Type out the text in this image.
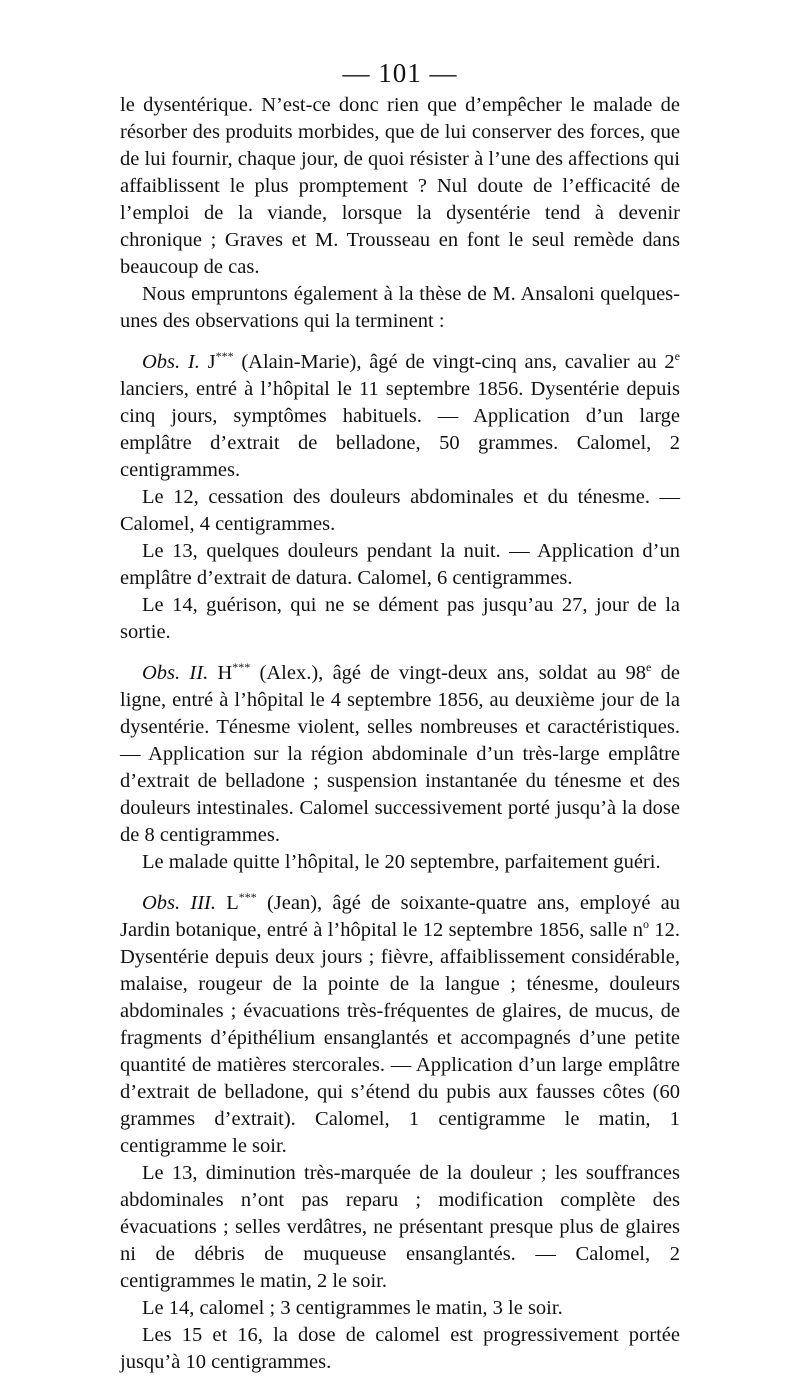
— 101 —

le dysentérique. N’est-ce donc rien que d’empêcher le malade de résorber des produits morbides, que de lui conserver des forces, que de lui fournir, chaque jour, de quoi résister à l’une des affections qui affaiblissent le plus promptement ? Nul doute de l’efficacité de l’emploi de la viande, lorsque la dysentérie tend à devenir chronique ; Graves et M. Trousseau en font le seul remède dans beaucoup de cas.

Nous empruntons également à la thèse de M. Ansaloni quelques-unes des observations qui la terminent :

Obs. I. J*** (Alain-Marie), âgé de vingt-cinq ans, cavalier au 2e lanciers, entré à l’hôpital le 11 septembre 1856. Dysentérie depuis cinq jours, symptômes habituels. — Application d’un large emplâtre d’extrait de belladone, 50 grammes. Calomel, 2 centigrammes.

Le 12, cessation des douleurs abdominales et du ténesme. — Calomel, 4 centigrammes.

Le 13, quelques douleurs pendant la nuit. — Application d’un emplâtre d’extrait de datura. Calomel, 6 centigrammes.

Le 14, guérison, qui ne se dément pas jusqu’au 27, jour de la sortie.

Obs. II. H*** (Alex.), âgé de vingt-deux ans, soldat au 98e de ligne, entré à l’hôpital le 4 septembre 1856, au deuxième jour de la dysentérie. Ténesme violent, selles nombreuses et caractéristiques. — Application sur la région abdominale d’un très-large emplâtre d’extrait de belladone ; suspension instantanée du ténesme et des douleurs intestinales. Calomel successivement porté jusqu’à la dose de 8 centigrammes.

Le malade quitte l’hôpital, le 20 septembre, parfaitement guéri.

Obs. III. L*** (Jean), âgé de soixante-quatre ans, employé au Jardin botanique, entré à l’hôpital le 12 septembre 1856, salle $n^o$ 12. Dysentérie depuis deux jours ; fièvre, affaiblissement considérable, malaise, rougeur de la pointe de la langue ; ténesme, douleurs abdominales ; évacuations très-fréquentes de glaires, de mucus, de fragments d’épithélium ensanglantés et accompagnés d’une petite quantité de matières stercorales. — Application d’un large emplâtre d’extrait de belladone, qui s’étend du pubis aux fausses côtes (60 grammes d’extrait). Calomel, 1 centigramme le matin, 1 centigramme le soir.

Le 13, diminution très-marquée de la douleur ; les souffrances abdominales n’ont pas reparu ; modification complète des évacuations ; selles verdâtres, ne présentant presque plus de glaires ni de débris de muqueuse ensanglantés. — Calomel, 2 centigrammes le matin, 2 le soir.

Le 14, calomel ; 3 centigrammes le matin, 3 le soir.

Les 15 et 16, la dose de calomel est progressivement portée jusqu’à 10 centigrammes.
